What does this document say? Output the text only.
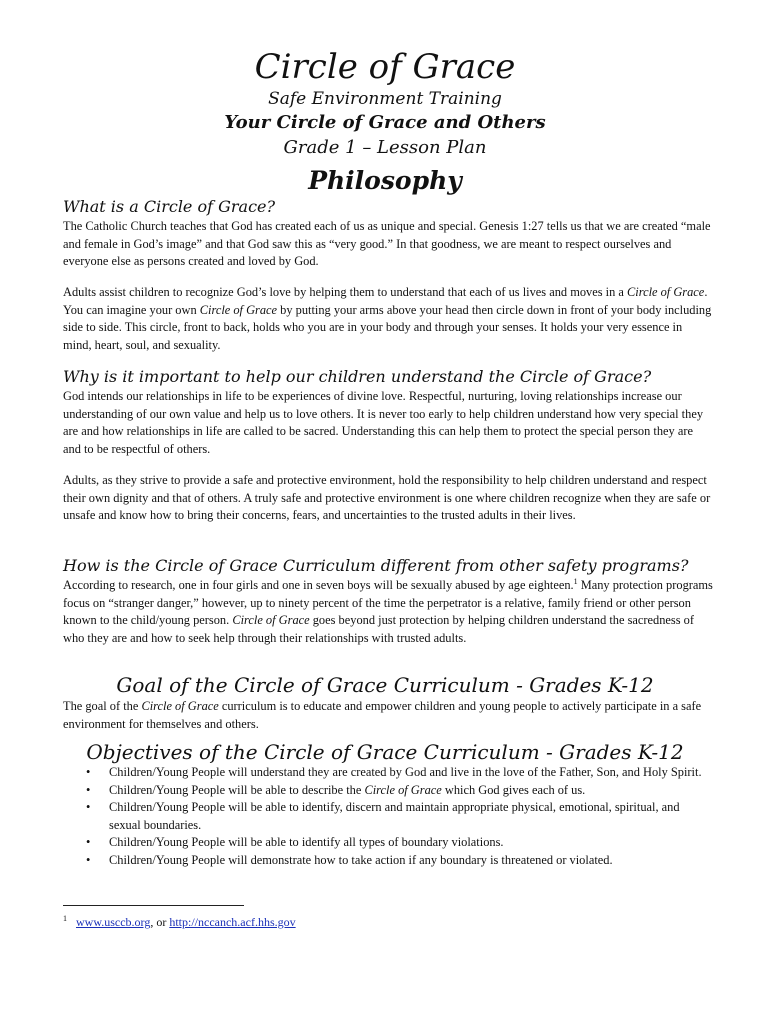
Circle of Grace
Safe Environment Training
Your Circle of Grace and Others
Grade 1 – Lesson Plan
Philosophy
What is a Circle of Grace?
The Catholic Church teaches that God has created each of us as unique and special. Genesis 1:27 tells us that we are created “male and female in God’s image” and that God saw this as “very good.” In that goodness, we are meant to respect ourselves and everyone else as persons created and loved by God.
Adults assist children to recognize God’s love by helping them to understand that each of us lives and moves in a Circle of Grace. You can imagine your own Circle of Grace by putting your arms above your head then circle down in front of your body including side to side. This circle, front to back, holds who you are in your body and through your senses. It holds your very essence in mind, heart, soul, and sexuality.
Why is it important to help our children understand the Circle of Grace?
God intends our relationships in life to be experiences of divine love. Respectful, nurturing, loving relationships increase our understanding of our own value and help us to love others. It is never too early to help children understand how very special they are and how relationships in life are called to be sacred. Understanding this can help them to protect the special person they are and to be respectful of others.
Adults, as they strive to provide a safe and protective environment, hold the responsibility to help children understand and respect their own dignity and that of others. A truly safe and protective environment is one where children recognize when they are safe or unsafe and know how to bring their concerns, fears, and uncertainties to the trusted adults in their lives.
How is the Circle of Grace Curriculum different from other safety programs?
According to research, one in four girls and one in seven boys will be sexually abused by age eighteen.$^1$ Many protection programs focus on “stranger danger,” however, up to ninety percent of the time the perpetrator is a relative, family friend or other person known to the child/young person. Circle of Grace goes beyond just protection by helping children understand the sacredness of who they are and how to seek help through their relationships with trusted adults.
Goal of the Circle of Grace Curriculum - Grades K-12
The goal of the Circle of Grace curriculum is to educate and empower children and young people to actively participate in a safe environment for themselves and others.
Objectives of the Circle of Grace Curriculum - Grades K-12
• Children/Young People will understand they are created by God and live in the love of the Father, Son, and Holy Spirit.
• Children/Young People will be able to describe the Circle of Grace which God gives each of us.
• Children/Young People will be able to identify, discern and maintain appropriate physical, emotional, spiritual, and sexual boundaries.
• Children/Young People will be able to identify all types of boundary violations.
• Children/Young People will demonstrate how to take action if any boundary is threatened or violated.
$^1$ www.usccb.org, or http://nccanch.acf.hhs.gov
